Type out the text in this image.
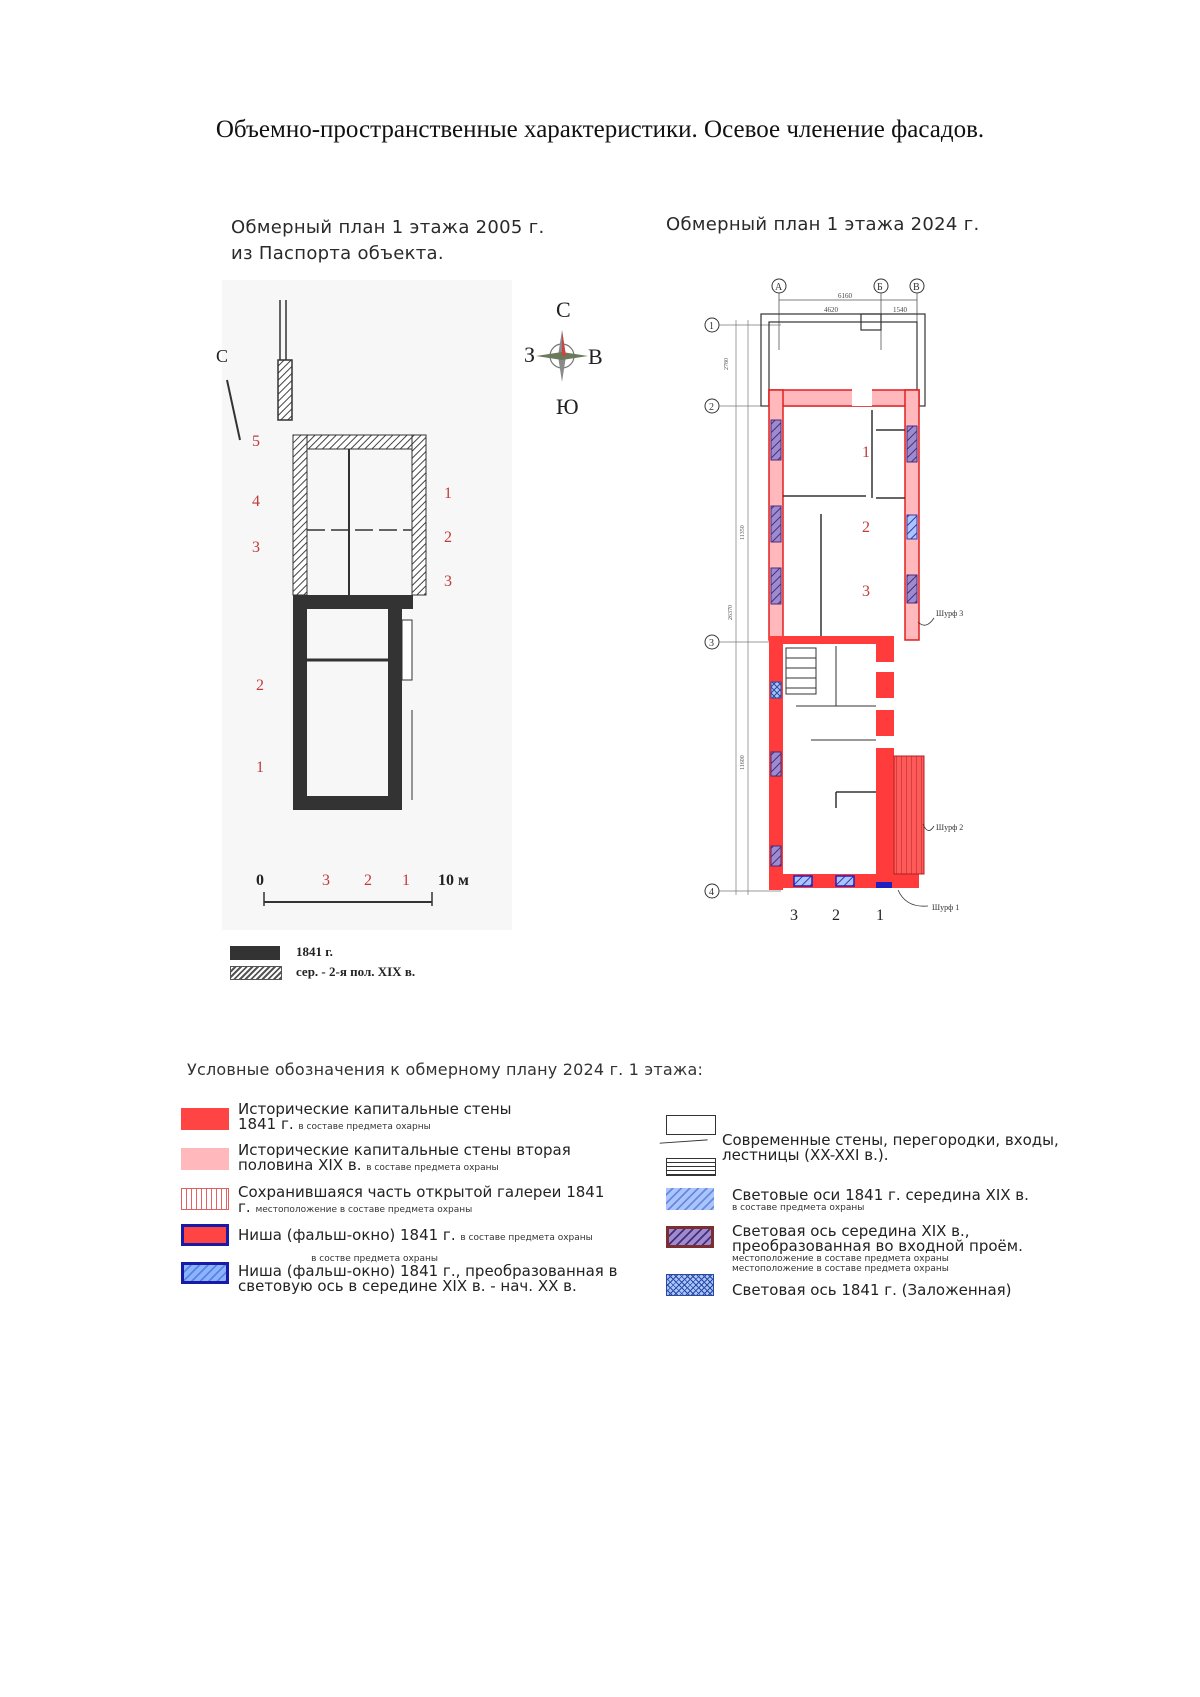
Объемно-пространственные характеристики. Осевое членение фасадов.
Обмерный план 1 этажа 2005 г.
из Паспорта объекта.
Обмерный план 1 этажа 2024 г.
С
5
4
3
2
1
1
2
3
0	3 2 1 10 м
1841 г.
сер. - 2-я пол. XIX в.
С
З В
Ю
А	Б	В
6160
4620	1540
1
2
3
4
2780
11350
26370
11600
Шурф 3
Шурф 2
Шурф 1
1
2
3
3 2 1
Условные обозначения к обмерному плану 2024 г. 1 этажа:
Исторические капитальные стены
1841 г. в составе предмета охарны
Исторические капитальные стены вторая
половина XIX в. в составе предмета охраны
Сохранившаяся часть открытой галереи 1841
г. местоположение в составе предмета охраны
Ниша (фальш-окно) 1841 г. в составе предмета охраны
в состве предмета охраны
Ниша (фальш-окно) 1841 г., преобразованная в
световую ось в середине XIX в. - нач. XX в.
Современные стены, перегородки, входы,
лестницы (XX-XXI в.).
Световые оси 1841 г. середина XIX в.
в составе предмета охраны
Световая ось середина XIX в.,
преобразованная во входной проём.
местоположение в составе предмета охраны
местоположение в составе предмета охраны
Световая ось 1841 г. (Заложенная)
